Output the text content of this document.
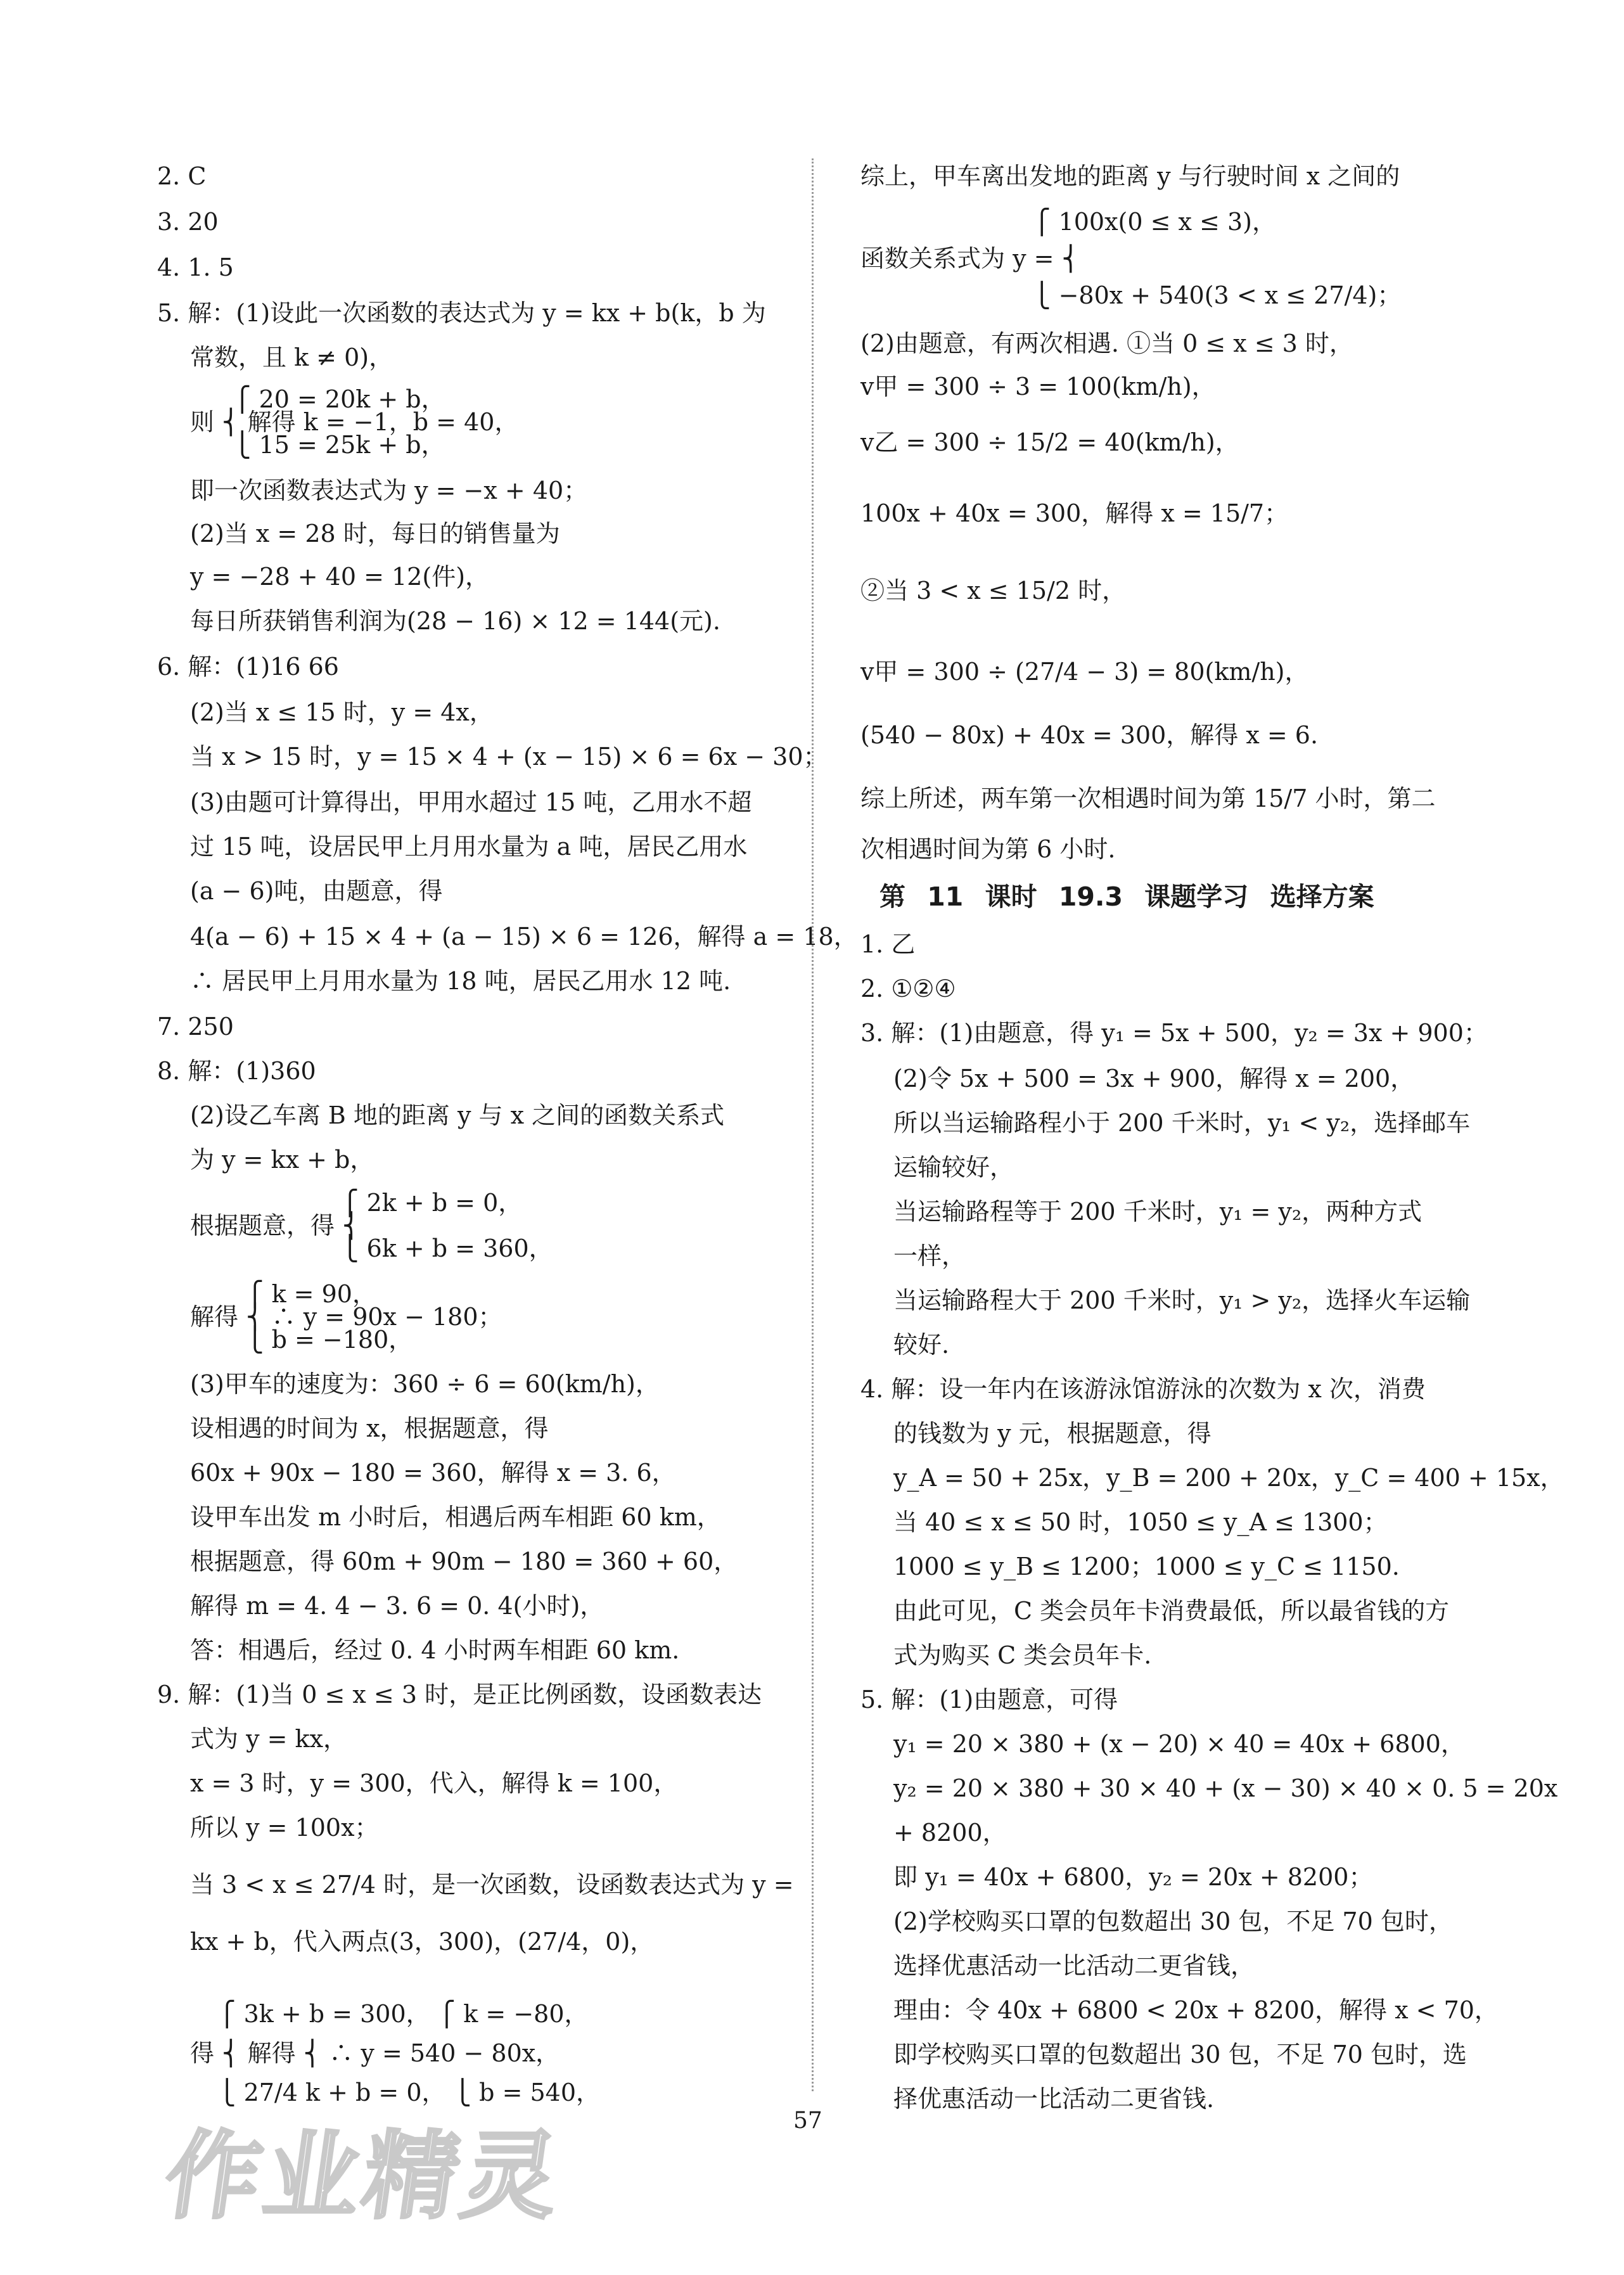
2. C
3. 20
4. 1. 5
5. 解：(1)设此一次函数的表达式为 y = kx + b(k，b 为
常数，且 k ≠ 0)，
⎧ 20 = 20k + b，
则 ⎨ 解得 k = −1，b = 40，
⎩ 15 = 25k + b，
即一次函数表达式为 y = −x + 40；
(2)当 x = 28 时，每日的销售量为
y = −28 + 40 = 12(件)，
每日所获销售利润为(28 − 16) × 12 = 144(元).
6. 解：(1)16 66
(2)当 x ≤ 15 时，y = 4x，
当 x > 15 时，y = 15 × 4 + (x − 15) × 6 = 6x − 30；
(3)由题可计算得出，甲用水超过 15 吨，乙用水不超
过 15 吨，设居民甲上月用水量为 a 吨，居民乙用水
(a − 6)吨，由题意，得
4(a − 6) + 15 × 4 + (a − 15) × 6 = 126，解得 a = 18，
∴ 居民甲上月用水量为 18 吨，居民乙用水 12 吨.
7. 250
8. 解：(1)360
(2)设乙车离 B 地的距离 y 与 x 之间的函数关系式
为 y = kx + b，
⎧ 2k + b = 0，
根据题意，得 ⎨
⎩ 6k + b = 360，
⎧ k = 90，
解得 ⎨ ∴ y = 90x − 180；
⎩ b = −180，
(3)甲车的速度为：360 ÷ 6 = 60(km/h)，
设相遇的时间为 x，根据题意，得
60x + 90x − 180 = 360，解得 x = 3. 6，
设甲车出发 m 小时后，相遇后两车相距 60 km，
根据题意，得 60m + 90m − 180 = 360 + 60，
解得 m = 4. 4 − 3. 6 = 0. 4(小时)，
答：相遇后，经过 0. 4 小时两车相距 60 km.
9. 解：(1)当 0 ≤ x ≤ 3 时，是正比例函数，设函数表达
式为 y = kx，
x = 3 时，y = 300，代入，解得 k = 100，
所以 y = 100x；
当 3 < x ≤ 27/4 时，是一次函数，设函数表达式为 y =
kx + b，代入两点(3，300)，(27/4，0)，
⎧ 3k + b = 300， ⎧ k = −80，
得 ⎨ 解得 ⎨ ∴ y = 540 − 80x，
⎩ 27/4 k + b = 0， ⎩ b = 540，
综上，甲车离出发地的距离 y 与行驶时间 x 之间的
⎧ 100x(0 ≤ x ≤ 3)，
函数关系式为 y = ⎨
⎩ −80x + 540(3 < x ≤ 27/4)；
(2)由题意，有两次相遇. ①当 0 ≤ x ≤ 3 时，
v甲 = 300 ÷ 3 = 100(km/h)，
v乙 = 300 ÷ 15/2 = 40(km/h)，
100x + 40x = 300，解得 x = 15/7；
②当 3 < x ≤ 15/2 时，
v甲 = 300 ÷ (27/4 − 3) = 80(km/h)，
(540 − 80x) + 40x = 300，解得 x = 6.
综上所述，两车第一次相遇时间为第 15/7 小时，第二
次相遇时间为第 6 小时.
1. 乙
2. ①②④
3. 解：(1)由题意，得 y₁ = 5x + 500，y₂ = 3x + 900；
(2)令 5x + 500 = 3x + 900，解得 x = 200，
所以当运输路程小于 200 千米时，y₁ < y₂，选择邮车
运输较好，
当运输路程等于 200 千米时，y₁ = y₂，两种方式
一样，
当运输路程大于 200 千米时，y₁ > y₂，选择火车运输
较好.
4. 解：设一年内在该游泳馆游泳的次数为 x 次，消费
的钱数为 y 元，根据题意，得
y_A = 50 + 25x，y_B = 200 + 20x，y_C = 400 + 15x，
当 40 ≤ x ≤ 50 时，1050 ≤ y_A ≤ 1300；
1000 ≤ y_B ≤ 1200；1000 ≤ y_C ≤ 1150.
由此可见，C 类会员年卡消费最低，所以最省钱的方
式为购买 C 类会员年卡.
5. 解：(1)由题意，可得
y₁ = 20 × 380 + (x − 20) × 40 = 40x + 6800，
y₂ = 20 × 380 + 30 × 40 + (x − 30) × 40 × 0. 5 = 20x
+ 8200，
即 y₁ = 40x + 6800，y₂ = 20x + 8200；
(2)学校购买口罩的包数超出 30 包，不足 70 包时，
选择优惠活动一比活动二更省钱，
理由：令 40x + 6800 < 20x + 8200，解得 x < 70，
即学校购买口罩的包数超出 30 包，不足 70 包时，选
择优惠活动一比活动二更省钱.
第 11 课时 19.3 课题学习 选择方案
57
作业精灵
